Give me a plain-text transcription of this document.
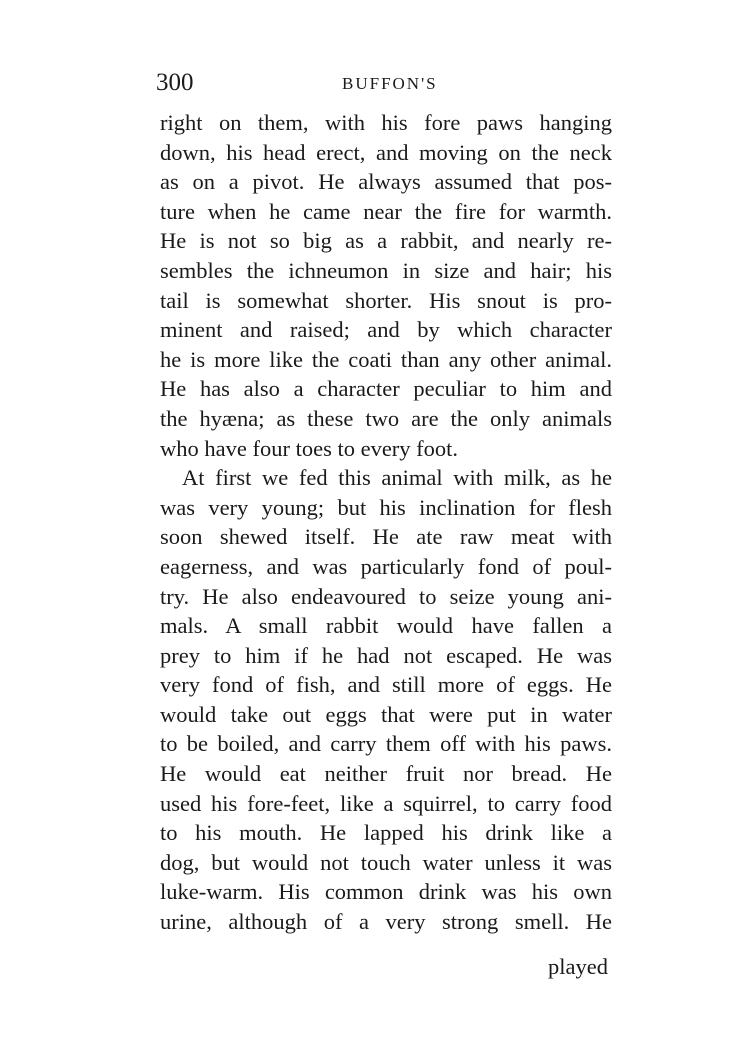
300	BUFFON'S
right on them, with his fore paws hanging
down, his head erect, and moving on the neck
as on a pivot. He always assumed that pos-
ture when he came near the fire for warmth.
He is not so big as a rabbit, and nearly re-
sembles the ichneumon in size and hair; his
tail is somewhat shorter. His snout is pro-
minent and raised; and by which character
he is more like the coati than any other animal.
He has also a character peculiar to him and
the hyæna; as these two are the only animals
who have four toes to every foot.
At first we fed this animal with milk, as he
was very young; but his inclination for flesh
soon shewed itself. He ate raw meat with
eagerness, and was particularly fond of poul-
try. He also endeavoured to seize young ani-
mals. A small rabbit would have fallen a
prey to him if he had not escaped. He was
very fond of fish, and still more of eggs. He
would take out eggs that were put in water
to be boiled, and carry them off with his paws.
He would eat neither fruit nor bread. He
used his fore-feet, like a squirrel, to carry food
to his mouth. He lapped his drink like a
dog, but would not touch water unless it was
luke-warm. His common drink was his own
urine, although of a very strong smell. He
played
